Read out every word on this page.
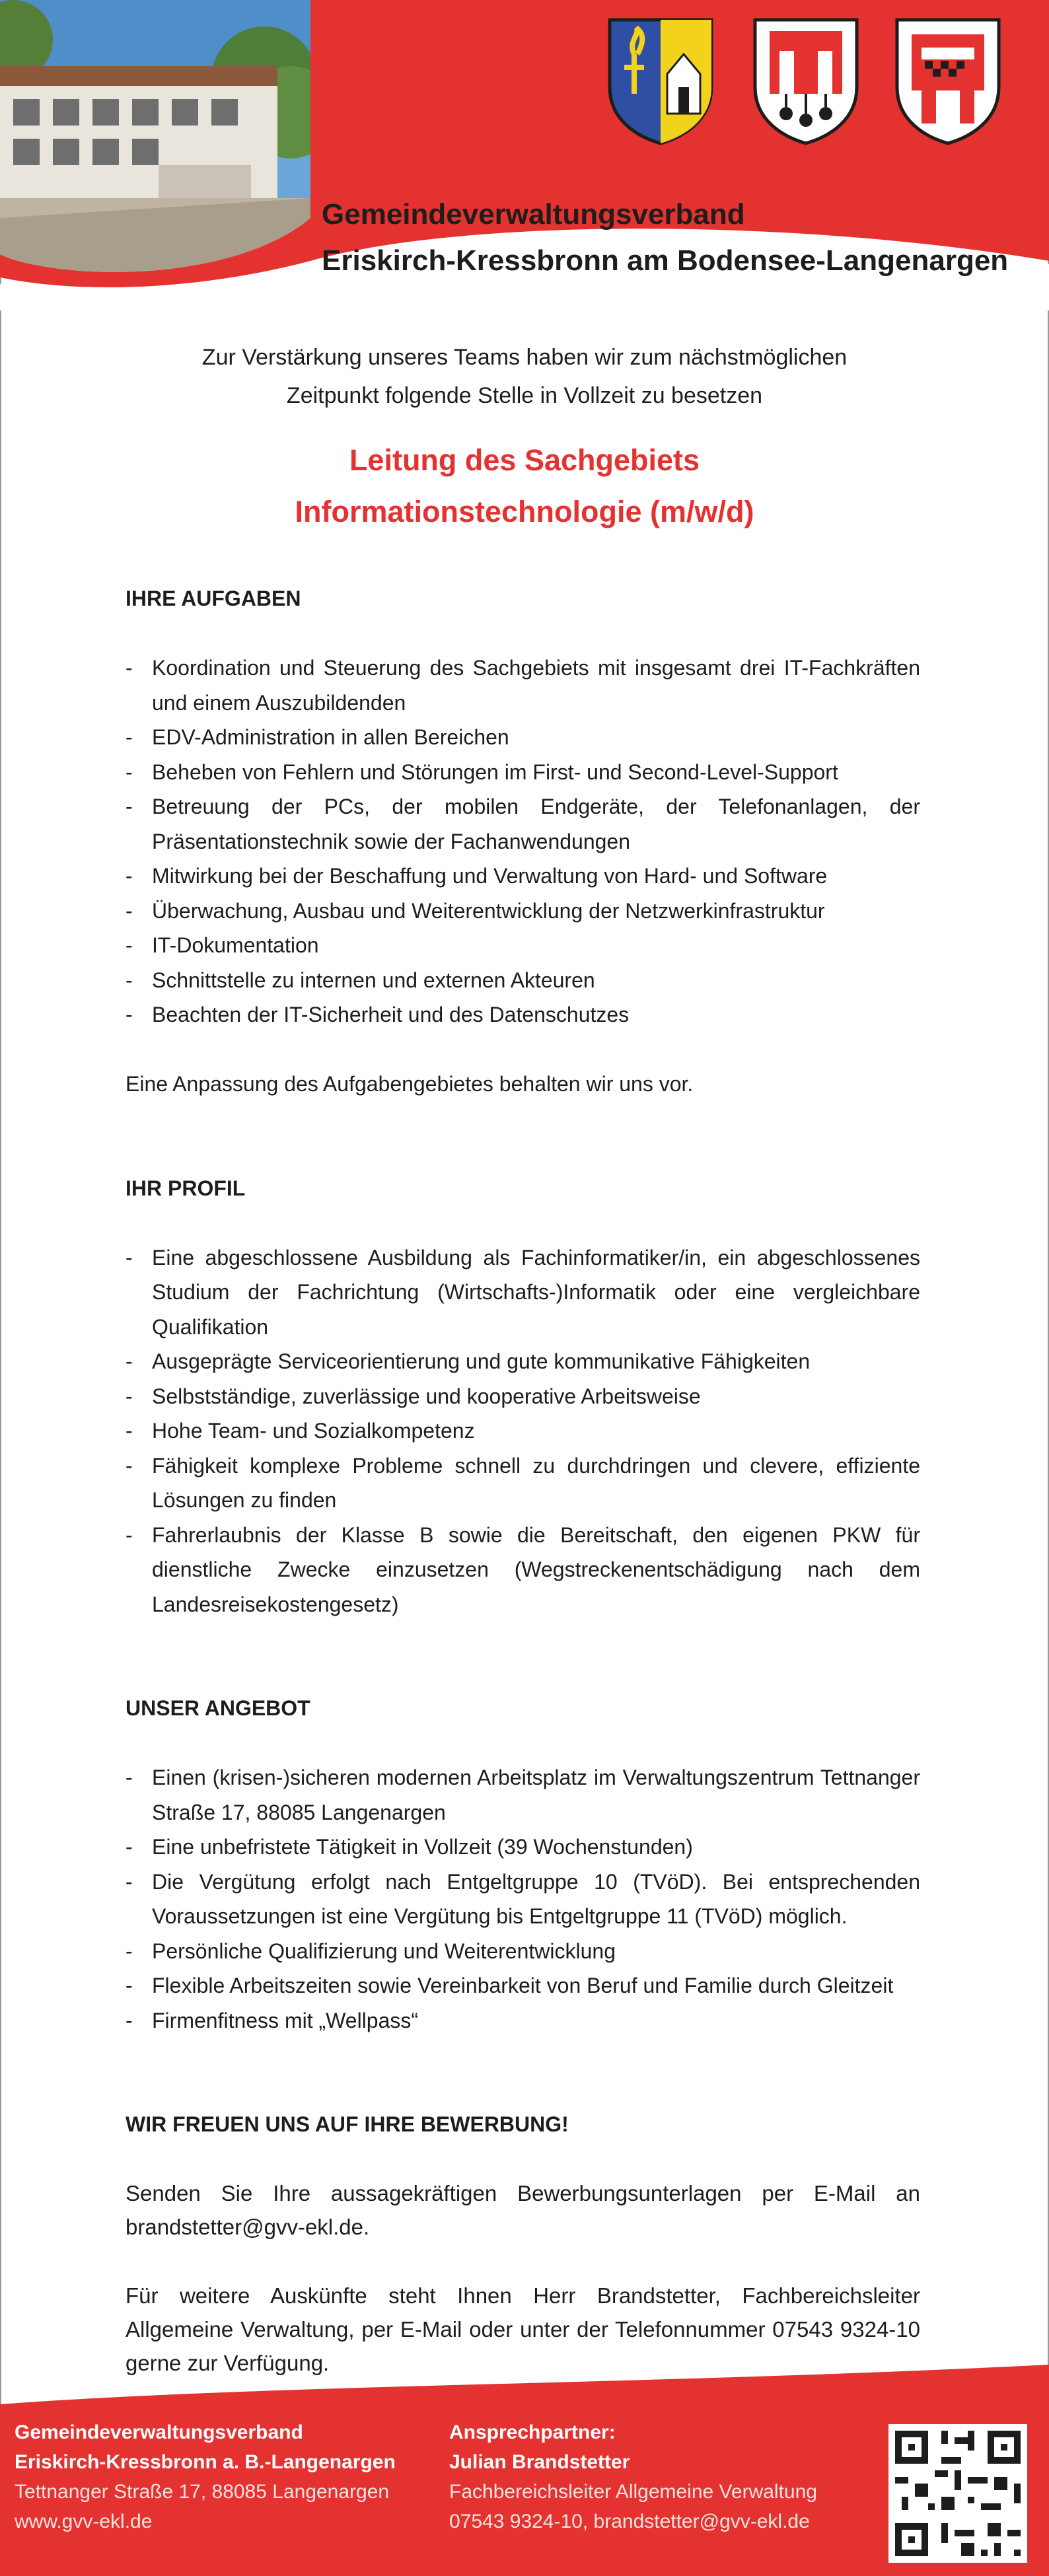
Gemeindeverwaltungsverband
Eriskirch-Kressbronn am Bodensee-Langenargen
Zur Verstärkung unseres Teams haben wir zum nächstmöglichen
Zeitpunkt folgende Stelle in Vollzeit zu besetzen
Leitung des Sachgebiets
Informationstechnologie (m/w/d)
IHRE AUFGABEN
- Koordination und Steuerung des Sachgebiets mit insgesamt drei IT-Fachkräften und einem Auszubildenden
- EDV-Administration in allen Bereichen
- Beheben von Fehlern und Störungen im First- und Second-Level-Support
- Betreuung der PCs, der mobilen Endgeräte, der Telefonanlagen, der Präsentationstechnik sowie der Fachanwendungen
- Mitwirkung bei der Beschaffung und Verwaltung von Hard- und Software
- Überwachung, Ausbau und Weiterentwicklung der Netzwerkinfrastruktur
- IT-Dokumentation
- Schnittstelle zu internen und externen Akteuren
- Beachten der IT-Sicherheit und des Datenschutzes

Eine Anpassung des Aufgabengebietes behalten wir uns vor.

IHR PROFIL
- Eine abgeschlossene Ausbildung als Fachinformatiker/in, ein abgeschlossenes Studium der Fachrichtung (Wirtschafts-)Informatik oder eine vergleichbare Qualifikation
- Ausgeprägte Serviceorientierung und gute kommunikative Fähigkeiten
- Selbstständige, zuverlässige und kooperative Arbeitsweise
- Hohe Team- und Sozialkompetenz
- Fähigkeit komplexe Probleme schnell zu durchdringen und clevere, effiziente Lösungen zu finden
- Fahrerlaubnis der Klasse B sowie die Bereitschaft, den eigenen PKW für dienstliche Zwecke einzusetzen (Wegstreckenentschädigung nach dem Landesreisekostengesetz)
UNSER ANGEBOT
- Einen (krisen-)sicheren modernen Arbeitsplatz im Verwaltungszentrum Tettnanger Straße 17, 88085 Langenargen
- Eine unbefristete Tätigkeit in Vollzeit (39 Wochenstunden)
- Die Vergütung erfolgt nach Entgeltgruppe 10 (TVöD). Bei entsprechenden Voraussetzungen ist eine Vergütung bis Entgeltgruppe 11 (TVöD) möglich.
- Persönliche Qualifizierung und Weiterentwicklung
- Flexible Arbeitszeiten sowie Vereinbarkeit von Beruf und Familie durch Gleitzeit
- Firmenfitness mit „Wellpass“
WIR FREUEN UNS AUF IHRE BEWERBUNG!

Senden Sie Ihre aussagekräftigen Bewerbungsunterlagen per E-Mail an brandstetter@gvv-ekl.de.

Für weitere Auskünfte steht Ihnen Herr Brandstetter, Fachbereichsleiter Allgemeine Verwaltung, per E-Mail oder unter der Telefonnummer 07543 9324-10 gerne zur Verfügung.

Gemeindeverwaltungsverband
Eriskirch-Kressbronn a. B.-Langenargen
Tettnanger Straße 17, 88085 Langenargen
www.gvv-ekl.de
Ansprechpartner:
Julian Brandstetter
Fachbereichsleiter Allgemeine Verwaltung
07543 9324-10, brandstetter@gvv-ekl.de
